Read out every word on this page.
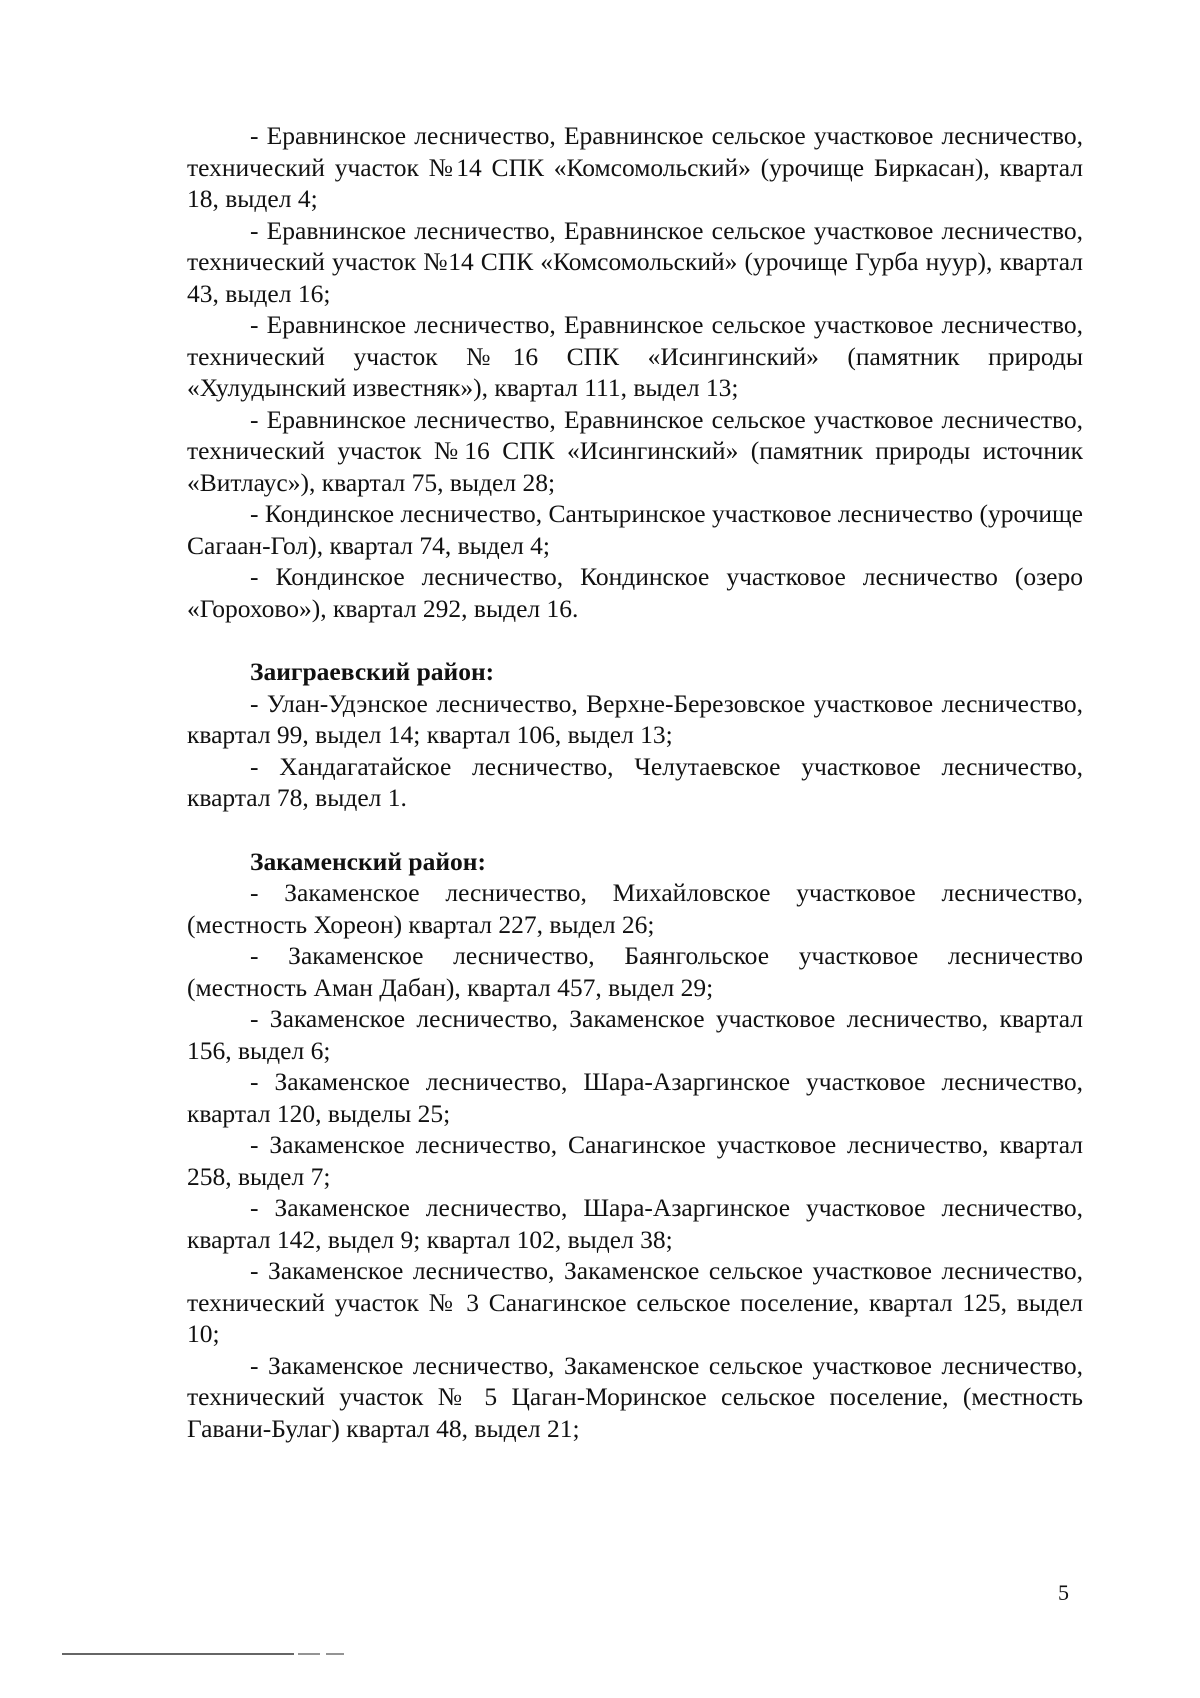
- Еравнинское лесничество, Еравнинское сельское участковое лесничество, технический участок №14 СПК «Комсомольский» (урочище Биркасан), квартал 18, выдел 4;

- Еравнинское лесничество, Еравнинское сельское участковое лесничество, технический участок №14 СПК «Комсомольский» (урочище Гурба нуур), квартал 43, выдел 16;

- Еравнинское лесничество, Еравнинское сельское участковое лесничество, технический участок №16 СПК «Исингинский» (памятник природы «Хулудынский известняк»), квартал 111, выдел 13;

- Еравнинское лесничество, Еравнинское сельское участковое лесничество, технический участок №16 СПК «Исингинский» (памятник природы источник «Витлаус»), квартал 75, выдел 28;

- Кондинское лесничество, Сантыринское участковое лесничество (урочище Сагаан-Гол), квартал 74, выдел 4;

- Кондинское лесничество, Кондинское участковое лесничество (озеро «Горохово»), квартал 292, выдел 16.

Заиграевский район:

- Улан-Удэнское лесничество, Верхне-Березовское участковое лесничество, квартал 99, выдел 14; квартал 106, выдел 13;

- Хандагатайское лесничество, Челутаевское участковое лесничество, квартал 78, выдел 1.

Закаменский район:

- Закаменское лесничество, Михайловское участковое лесничество, (местность Хореон) квартал 227, выдел 26;

- Закаменское лесничество, Баянгольское участковое лесничество (местность Аман Дабан), квартал 457, выдел 29;

- Закаменское лесничество, Закаменское участковое лесничество, квартал 156, выдел 6;

- Закаменское лесничество, Шара-Азаргинское участковое лесничество, квартал 120, выделы 25;

- Закаменское лесничество, Санагинское участковое лесничество, квартал 258, выдел 7;

- Закаменское лесничество, Шара-Азаргинское участковое лесничество, квартал 142, выдел 9; квартал 102, выдел 38;

- Закаменское лесничество, Закаменское сельское участковое лесничество, технический участок № 3 Санагинское сельское поселение, квартал 125, выдел 10;

- Закаменское лесничество, Закаменское сельское участковое лесничество, технический участок № 5 Цаган-Моринское сельское поселение, (местность Гавани-Булаг) квартал 48, выдел 21;

5
